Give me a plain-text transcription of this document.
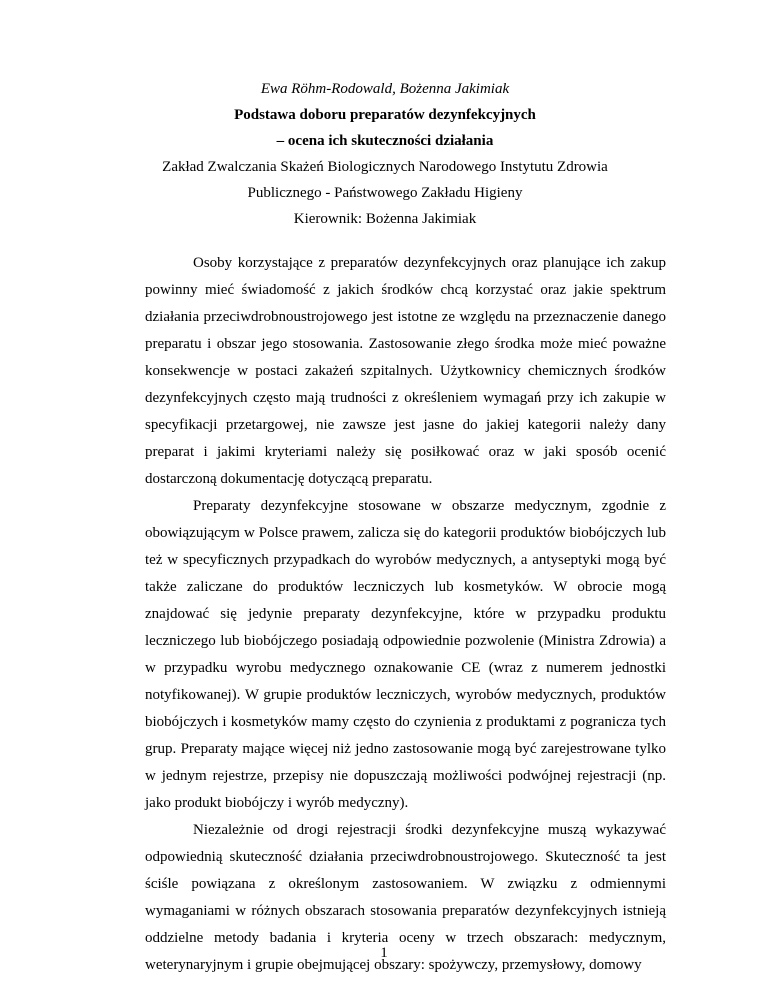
Ewa Röhm-Rodowald, Bożenna Jakimiak
Podstawa doboru preparatów dezynfekcyjnych
– ocena ich skuteczności działania
Zakład Zwalczania Skażeń Biologicznych Narodowego Instytutu Zdrowia
Publicznego - Państwowego Zakładu Higieny
Kierownik: Bożenna Jakimiak

Osoby korzystające z preparatów dezynfekcyjnych oraz planujące ich zakup powinny mieć świadomość z jakich środków chcą korzystać oraz jakie spektrum działania przeciwdrobnoustrojowego jest istotne ze względu na przeznaczenie danego preparatu i obszar jego stosowania. Zastosowanie złego środka może mieć poważne konsekwencje w postaci zakażeń szpitalnych. Użytkownicy chemicznych środków dezynfekcyjnych często mają trudności z określeniem wymagań przy ich zakupie w specyfikacji przetargowej, nie zawsze jest jasne do jakiej kategorii należy dany preparat i jakimi kryteriami należy się posiłkować oraz w jaki sposób ocenić dostarczoną dokumentację dotyczącą preparatu.

Preparaty dezynfekcyjne stosowane w obszarze medycznym, zgodnie z obowiązującym w Polsce prawem, zalicza się do kategorii produktów biobójczych lub też w specyficznych przypadkach do wyrobów medycznych, a antyseptyki mogą być także zaliczane do produktów leczniczych lub kosmetyków. W obrocie mogą znajdować się jedynie preparaty dezynfekcyjne, które w przypadku produktu leczniczego lub biobójczego posiadają odpowiednie pozwolenie (Ministra Zdrowia) a w przypadku wyrobu medycznego oznakowanie CE (wraz z numerem jednostki notyfikowanej). W grupie produktów leczniczych, wyrobów medycznych, produktów biobójczych i kosmetyków mamy często do czynienia z produktami z pogranicza tych grup. Preparaty mające więcej niż jedno zastosowanie mogą być zarejestrowane tylko w jednym rejestrze, przepisy nie dopuszczają możliwości podwójnej rejestracji (np. jako produkt biobójczy i wyrób medyczny).

Niezależnie od drogi rejestracji środki dezynfekcyjne muszą wykazywać odpowiednią skuteczność działania przeciwdrobnoustrojowego. Skuteczność ta jest ściśle powiązana z określonym zastosowaniem. W związku z odmiennymi wymaganiami w różnych obszarach stosowania preparatów dezynfekcyjnych istnieją oddzielne metody badania i kryteria oceny w trzech obszarach: medycznym, weterynaryjnym i grupie obejmującej obszary: spożywczy, przemysłowy, domowy

1
